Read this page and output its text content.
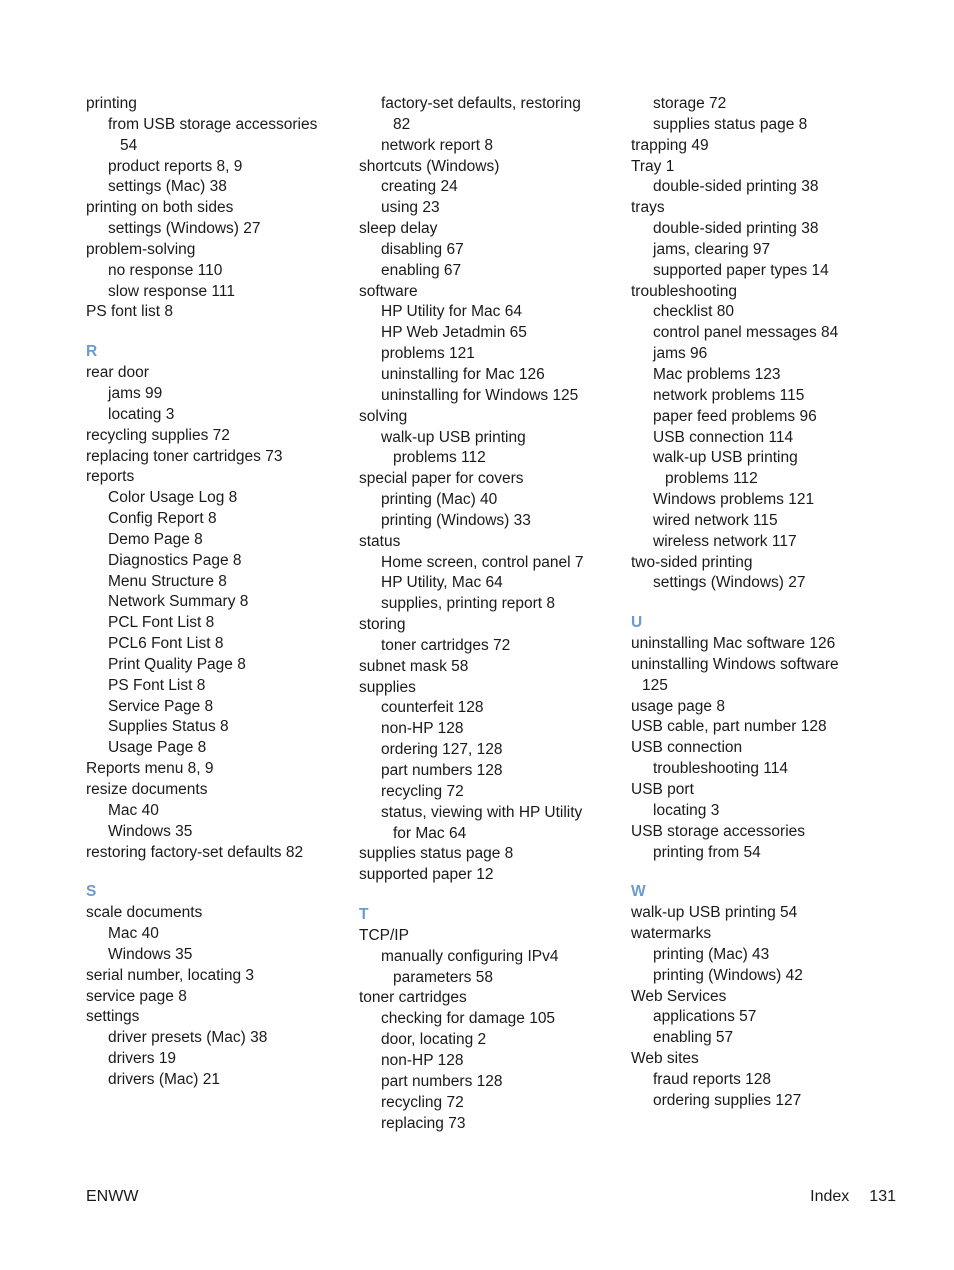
printing
from USB storage accessories
54
product reports 8, 9
settings (Mac) 38
printing on both sides
settings (Windows) 27
problem-solving
no response 110
slow response 111
PS font list 8
R
rear door
jams 99
locating 3
recycling supplies 72
replacing toner cartridges 73
reports
Color Usage Log 8
Config Report 8
Demo Page 8
Diagnostics Page 8
Menu Structure 8
Network Summary 8
PCL Font List 8
PCL6 Font List 8
Print Quality Page 8
PS Font List 8
Service Page 8
Supplies Status 8
Usage Page 8
Reports menu 8, 9
resize documents
Mac 40
Windows 35
restoring factory-set defaults 82
S
scale documents
Mac 40
Windows 35
serial number, locating 3
service page 8
settings
driver presets (Mac) 38
drivers 19
drivers (Mac) 21
factory-set defaults, restoring
82
network report 8
shortcuts (Windows)
creating 24
using 23
sleep delay
disabling 67
enabling 67
software
HP Utility for Mac 64
HP Web Jetadmin 65
problems 121
uninstalling for Mac 126
uninstalling for Windows 125
solving
walk-up USB printing
problems 112
special paper for covers
printing (Mac) 40
printing (Windows) 33
status
Home screen, control panel 7
HP Utility, Mac 64
supplies, printing report 8
storing
toner cartridges 72
subnet mask 58
supplies
counterfeit 128
non-HP 128
ordering 127, 128
part numbers 128
recycling 72
status, viewing with HP Utility
for Mac 64
supplies status page 8
supported paper 12
T
TCP/IP
manually configuring IPv4
parameters 58
toner cartridges
checking for damage 105
door, locating 2
non-HP 128
part numbers 128
recycling 72
replacing 73
storage 72
supplies status page 8
trapping 49
Tray 1
double-sided printing 38
trays
double-sided printing 38
jams, clearing 97
supported paper types 14
troubleshooting
checklist 80
control panel messages 84
jams 96
Mac problems 123
network problems 115
paper feed problems 96
USB connection 114
walk-up USB printing
problems 112
Windows problems 121
wired network 115
wireless network 117
two-sided printing
settings (Windows) 27
U
uninstalling Mac software 126
uninstalling Windows software
125
usage page 8
USB cable, part number 128
USB connection
troubleshooting 114
USB port
locating 3
USB storage accessories
printing from 54
W
walk-up USB printing 54
watermarks
printing (Mac) 43
printing (Windows) 42
Web Services
applications 57
enabling 57
Web sites
fraud reports 128
ordering supplies 127
ENWW	Index 131
